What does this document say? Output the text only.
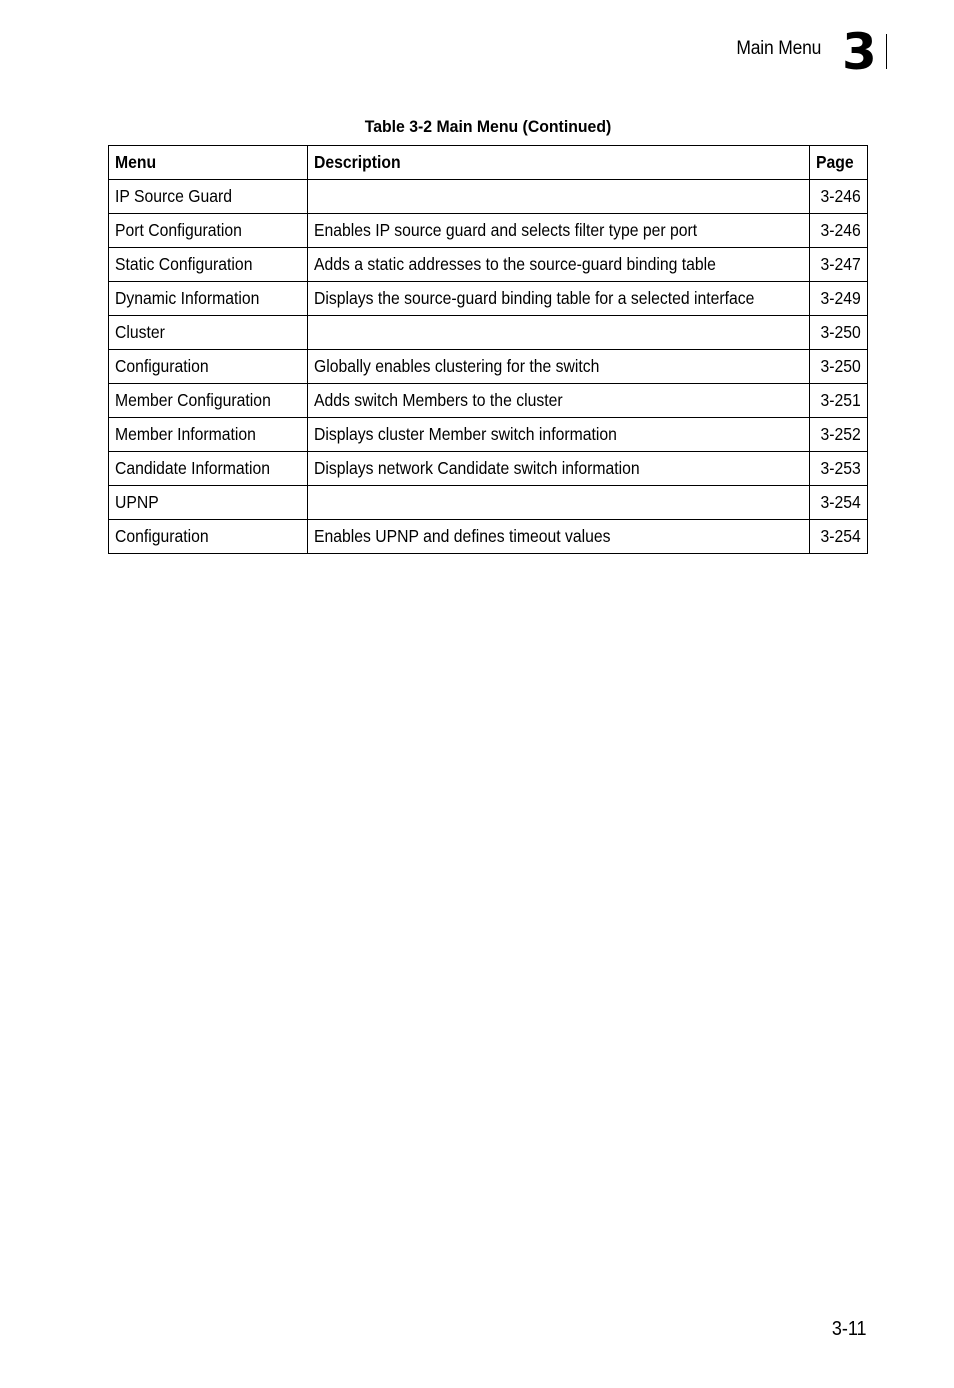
Main Menu 3
Table 3-2 Main Menu (Continued)
Menu	Description	Page
IP Source Guard		3-246
Port Configuration	Enables IP source guard and selects filter type per port	3-246
Static Configuration	Adds a static addresses to the source-guard binding table	3-247
Dynamic Information	Displays the source-guard binding table for a selected interface	3-249
Cluster		3-250
Configuration	Globally enables clustering for the switch	3-250
Member Configuration	Adds switch Members to the cluster	3-251
Member Information	Displays cluster Member switch information	3-252
Candidate Information	Displays network Candidate switch information	3-253
UPNP		3-254
Configuration	Enables UPNP and defines timeout values	3-254
3-11
